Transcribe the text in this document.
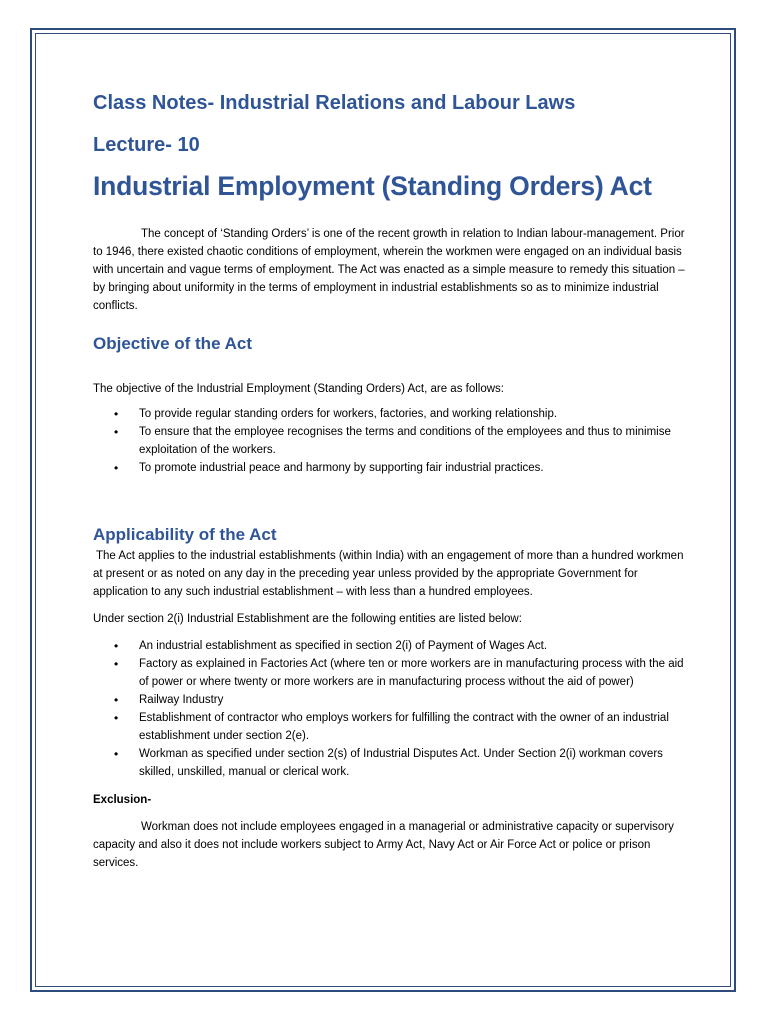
Class Notes- Industrial Relations and Labour Laws
Lecture- 10
Industrial Employment (Standing Orders) Act

The concept of ‘Standing Orders’ is one of the recent growth in relation to Indian labour-management. Prior to 1946, there existed chaotic conditions of employment, wherein the workmen were engaged on an individual basis with uncertain and vague terms of employment. The Act was enacted as a simple measure to remedy this situation – by bringing about uniformity in the terms of employment in industrial establishments so as to minimize industrial conflicts.

Objective of the Act

The objective of the Industrial Employment (Standing Orders) Act, are as follows:

• To provide regular standing orders for workers, factories, and working relationship.
• To ensure that the employee recognises the terms and conditions of the employees and thus to minimise exploitation of the workers.
• To promote industrial peace and harmony by supporting fair industrial practices.
Applicability of the Act

The Act applies to the industrial establishments (within India) with an engagement of more than a hundred workmen at present or as noted on any day in the preceding year unless provided by the appropriate Government for application to any such industrial establishment – with less than a hundred employees.

Under section 2(i) Industrial Establishment are the following entities are listed below:

• An industrial establishment as specified in section 2(i) of Payment of Wages Act.
• Factory as explained in Factories Act (where ten or more workers are in manufacturing process with the aid of power or where twenty or more workers are in manufacturing process without the aid of power)
• Railway Industry
• Establishment of contractor who employs workers for fulfilling the contract with the owner of an industrial establishment under section 2(e).
• Workman as specified under section 2(s) of Industrial Disputes Act. Under Section 2(i) workman covers skilled, unskilled, manual or clerical work.

Exclusion-

Workman does not include employees engaged in a managerial or administrative capacity or supervisory capacity and also it does not include workers subject to Army Act, Navy Act or Air Force Act or police or prison services.
